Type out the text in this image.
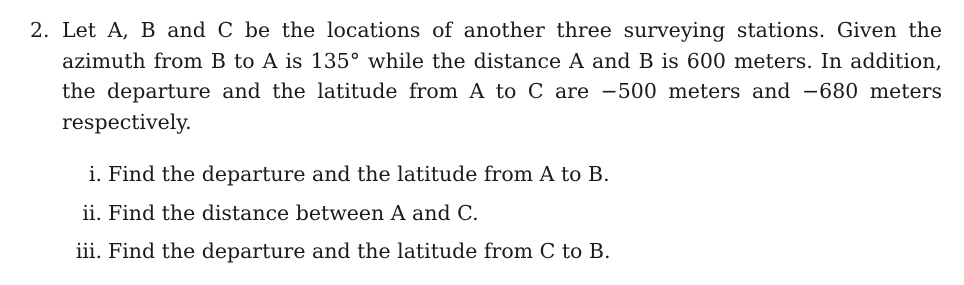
2. Let A, B and C be the locations of another three surveying stations. Given the azimuth from B to A is 135° while the distance A and B is 600 meters. In addition, the departure and the latitude from A to C are −500 meters and −680 meters respectively.
i. Find the departure and the latitude from A to B.
ii. Find the distance between A and C.
iii. Find the departure and the latitude from C to B.
